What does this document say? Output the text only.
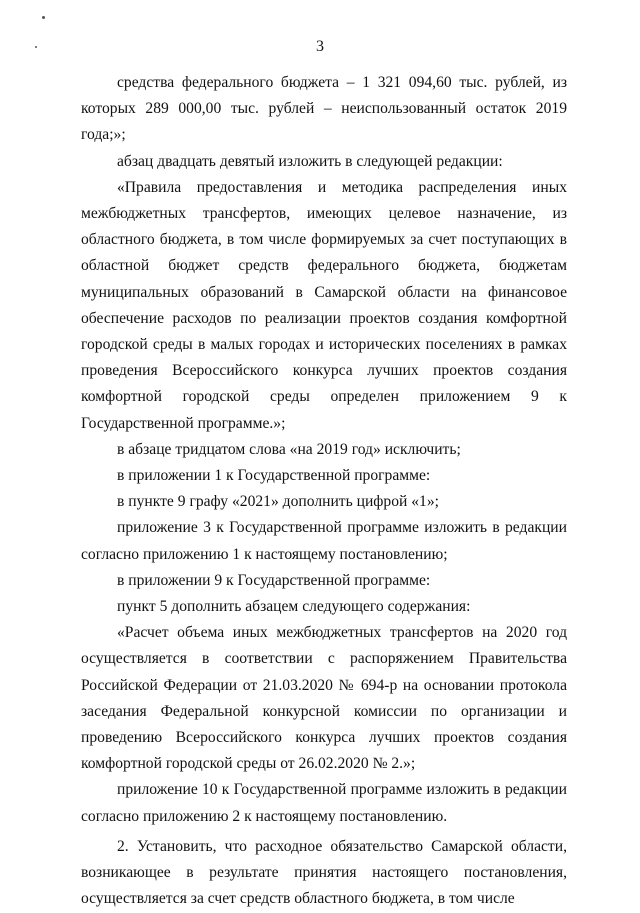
3

средства федерального бюджета – 1 321 094,60 тыс. рублей, из которых 289 000,00 тыс. рублей – неиспользованный остаток 2019 года;»;

абзац двадцать девятый изложить в следующей редакции:

«Правила предоставления и методика распределения иных межбюджетных трансфертов, имеющих целевое назначение, из областного бюджета, в том числе формируемых за счет поступающих в областной бюджет средств федерального бюджета, бюджетам муниципальных образований в Самарской области на финансовое обеспечение расходов по реализации проектов создания комфортной городской среды в малых городах и исторических поселениях в рамках проведения Всероссийского конкурса лучших проектов создания комфортной городской среды определен приложением 9 к Государственной программе.»;

в абзаце тридцатом слова «на 2019 год» исключить;

в приложении 1 к Государственной программе:

в пункте 9 графу «2021» дополнить цифрой «1»;

приложение 3 к Государственной программе изложить в редакции согласно приложению 1 к настоящему постановлению;

в приложении 9 к Государственной программе:

пункт 5 дополнить абзацем следующего содержания:

«Расчет объема иных межбюджетных трансфертов на 2020 год осуществляется в соответствии с распоряжением Правительства Российской Федерации от 21.03.2020 № 694-р на основании протокола заседания Федеральной конкурсной комиссии по организации и проведению Всероссийского конкурса лучших проектов создания комфортной городской среды от 26.02.2020 № 2.»;

приложение 10 к Государственной программе изложить в редакции согласно приложению 2 к настоящему постановлению.

2. Установить, что расходное обязательство Самарской области, возникающее в результате принятия настоящего постановления, осуществляется за счет средств областного бюджета, в том числе
